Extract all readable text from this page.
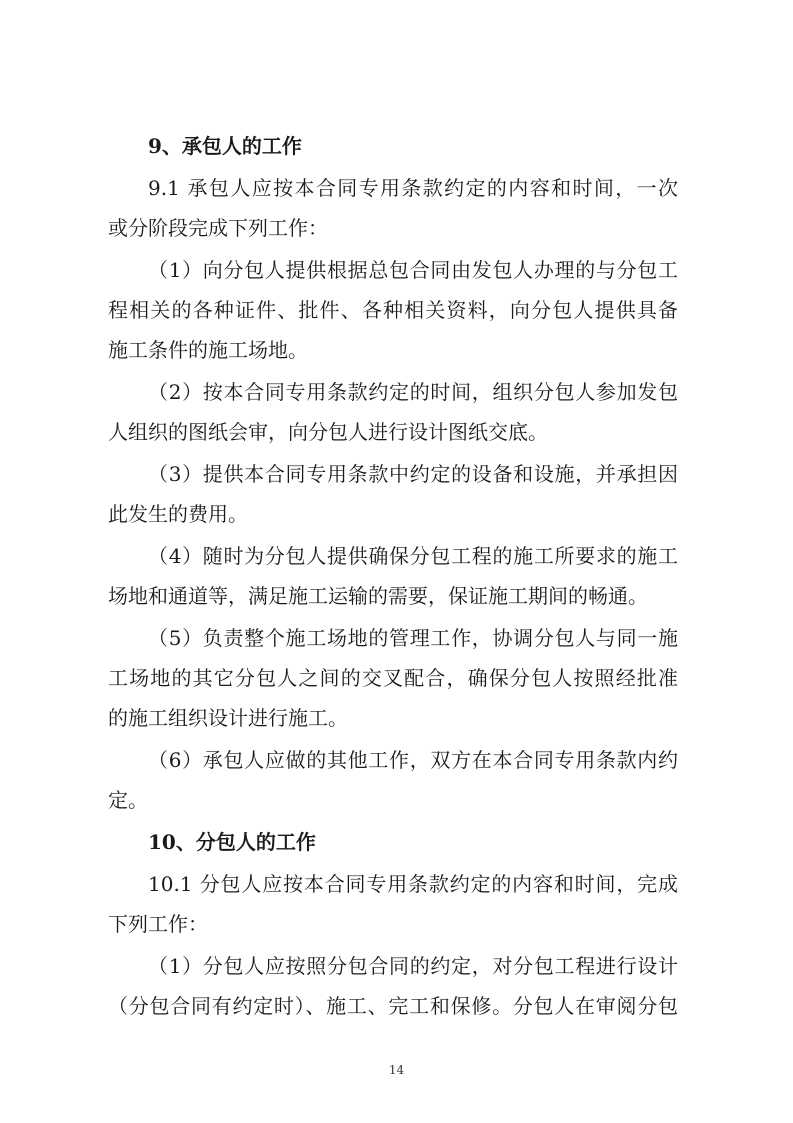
9、承包人的工作
9.1 承包人应按本合同专用条款约定的内容和时间，一次
或分阶段完成下列工作：
（1）向分包人提供根据总包合同由发包人办理的与分包工
程相关的各种证件、批件、各种相关资料，向分包人提供具备
施工条件的施工场地。
（2）按本合同专用条款约定的时间，组织分包人参加发包
人组织的图纸会审，向分包人进行设计图纸交底。
（3）提供本合同专用条款中约定的设备和设施，并承担因
此发生的费用。
（4）随时为分包人提供确保分包工程的施工所要求的施工
场地和通道等，满足施工运输的需要，保证施工期间的畅通。
（5）负责整个施工场地的管理工作，协调分包人与同一施
工场地的其它分包人之间的交叉配合，确保分包人按照经批准
的施工组织设计进行施工。
（6）承包人应做的其他工作，双方在本合同专用条款内约
定。
10、分包人的工作
10.1 分包人应按本合同专用条款约定的内容和时间，完成
下列工作：
（1）分包人应按照分包合同的约定，对分包工程进行设计
（分包合同有约定时）、施工、完工和保修。分包人在审阅分包
14
